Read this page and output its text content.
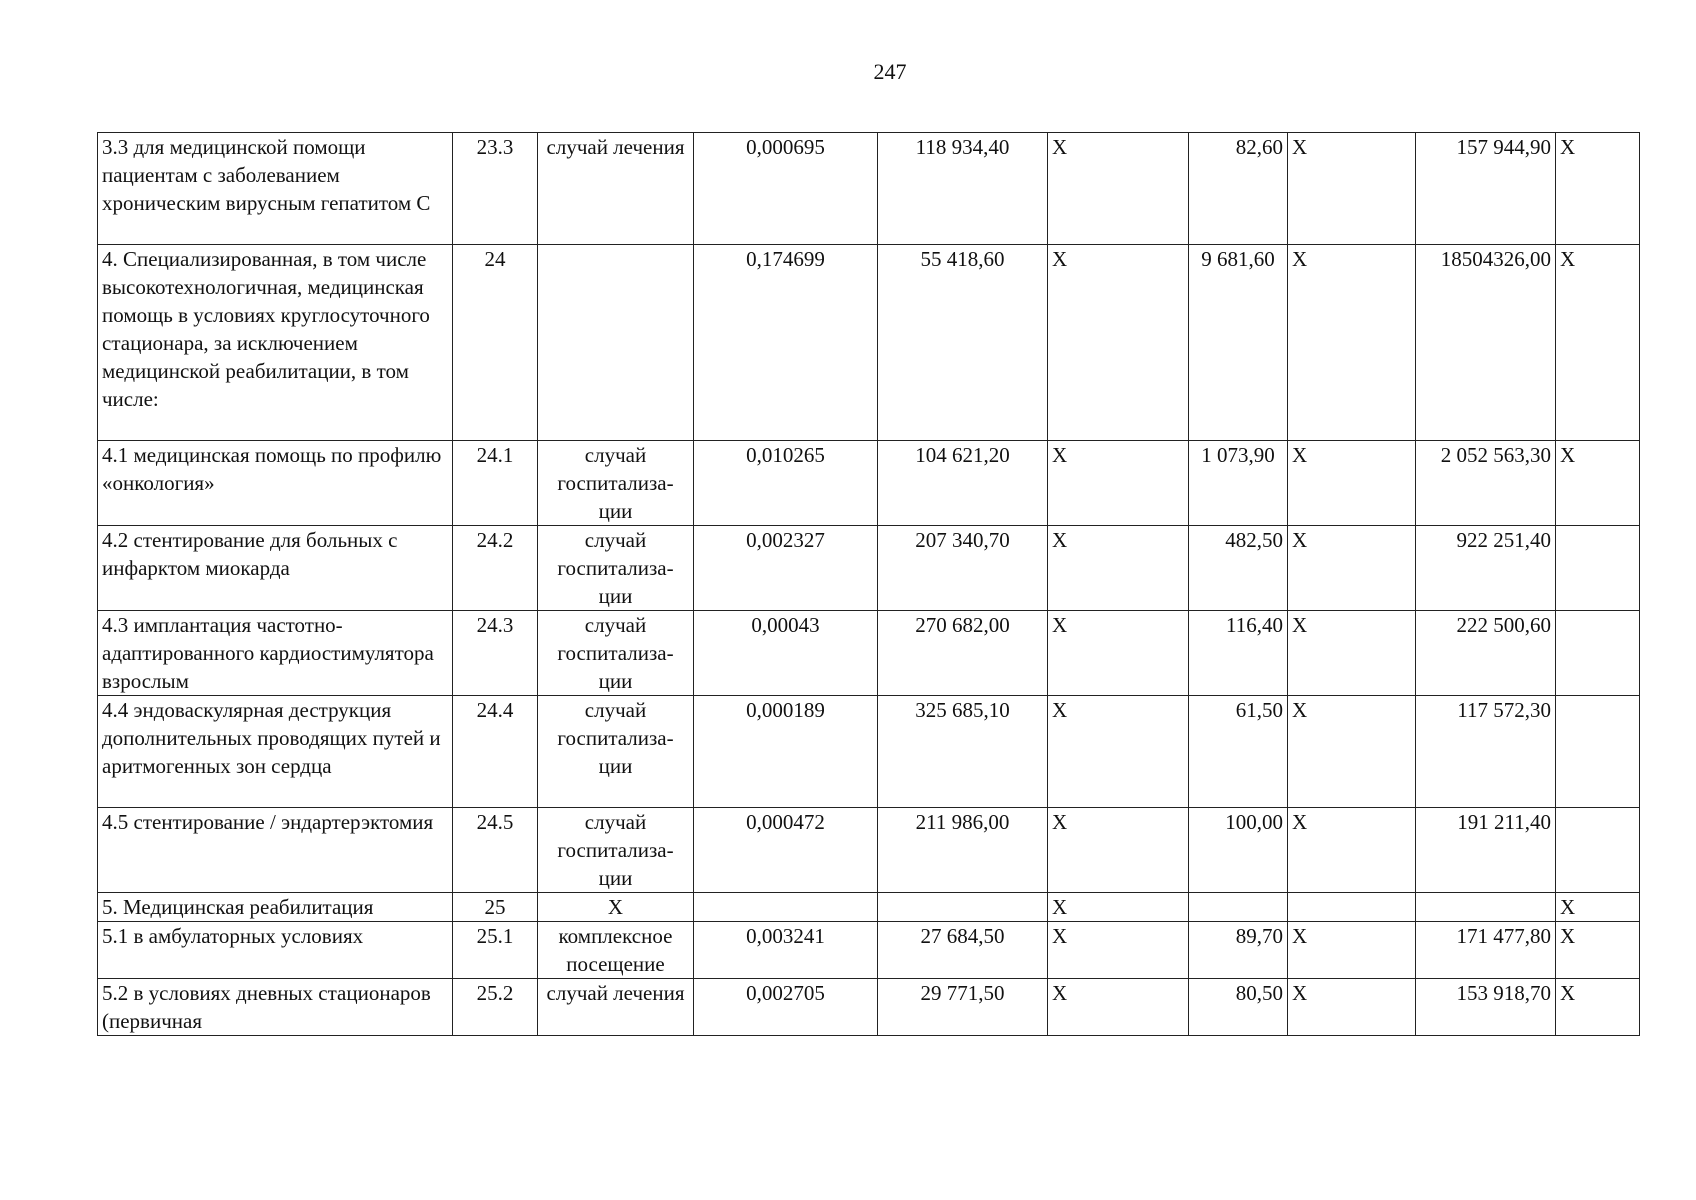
247
3.3 для медицинской помощи пациентам с заболеванием хроническим вирусным гепатитом С	23.3	случай лечения	0,000695	118 934,40	Х	82,60	Х	157 944,90	Х
4. Специализированная, в том числе высокотехнологичная, медицинская помощь в условиях круглосуточного стационара, за исключением медицинской реабилитации, в том числе:	24		0,174699	55 418,60	Х	9 681,60	Х	18504326,00	Х
4.1 медицинская помощь по профилю «онкология»	24.1	случай госпитализа-ции	0,010265	104 621,20	Х	1 073,90	Х	2 052 563,30	Х
4.2 стентирование для больных с инфарктом миокарда	24.2	случай госпитализа-ции	0,002327	207 340,70	Х	482,50	Х	922 251,40	
4.3 имплантация частотно-адаптированного кардиостимулятора взрослым	24.3	случай госпитализа-ции	0,00043	270 682,00	Х	116,40	Х	222 500,60	
4.4 эндоваскулярная деструкция дополнительных проводящих путей и аритмогенных зон сердца	24.4	случай госпитализа-ции	0,000189	325 685,10	Х	61,50	Х	117 572,30	
4.5 стентирование / эндартерэктомия	24.5	случай госпитализа-ции	0,000472	211 986,00	Х	100,00	Х	191 211,40	
5. Медицинская реабилитация	25	Х			Х				Х
5.1 в амбулаторных условиях	25.1	комплексное посещение	0,003241	27 684,50	Х	89,70	Х	171 477,80	Х
5.2 в условиях дневных стационаров (первичная	25.2	случай лечения	0,002705	29 771,50	Х	80,50	Х	153 918,70	Х
